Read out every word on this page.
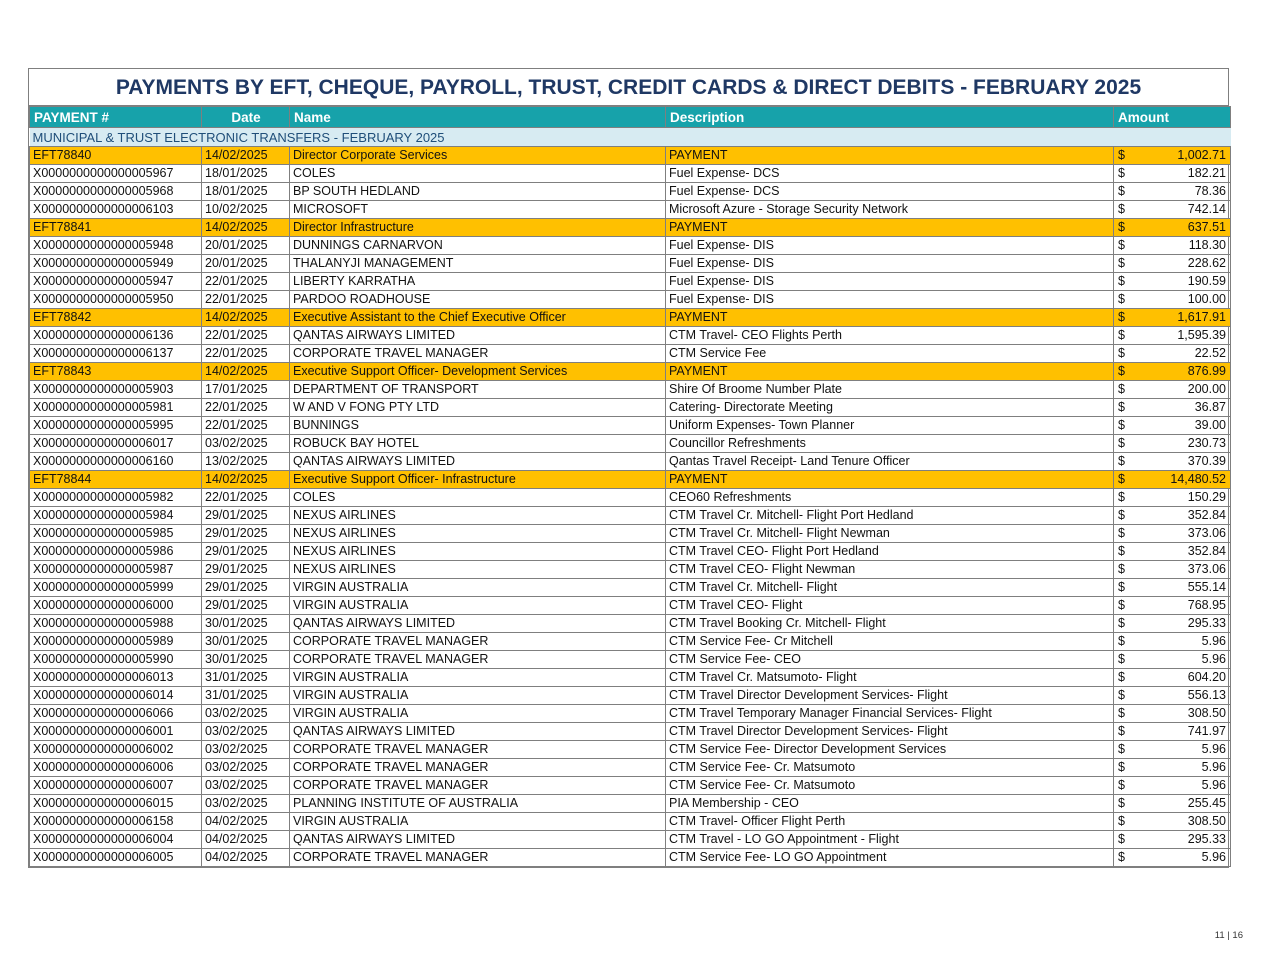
PAYMENTS BY EFT, CHEQUE, PAYROLL, TRUST, CREDIT CARDS & DIRECT DEBITS - FEBRUARY 2025
PAYMENT #	Date	Name	Description	Amount
MUNICIPAL & TRUST ELECTRONIC TRANSFERS - FEBRUARY 2025				
EFT78840	14/02/2025	Director Corporate Services	PAYMENT	$ 1,002.71
X0000000000000005967	18/01/2025	COLES	Fuel Expense- DCS	$ 182.21
X0000000000000005968	18/01/2025	BP SOUTH HEDLAND	Fuel Expense- DCS	$ 78.36
X0000000000000006103	10/02/2025	MICROSOFT	Microsoft Azure - Storage Security Network	$ 742.14
EFT78841	14/02/2025	Director Infrastructure	PAYMENT	$ 637.51
X0000000000000005948	20/01/2025	DUNNINGS CARNARVON	Fuel Expense- DIS	$ 118.30
X0000000000000005949	20/01/2025	THALANYJI MANAGEMENT	Fuel Expense- DIS	$ 228.62
X0000000000000005947	22/01/2025	LIBERTY KARRATHA	Fuel Expense- DIS	$ 190.59
X0000000000000005950	22/01/2025	PARDOO ROADHOUSE	Fuel Expense- DIS	$ 100.00
EFT78842	14/02/2025	Executive Assistant to the Chief Executive Officer	PAYMENT	$ 1,617.91
X0000000000000006136	22/01/2025	QANTAS AIRWAYS LIMITED	CTM Travel- CEO Flights Perth	$ 1,595.39
X0000000000000006137	22/01/2025	CORPORATE TRAVEL MANAGER	CTM Service Fee	$ 22.52
EFT78843	14/02/2025	Executive Support Officer- Development Services	PAYMENT	$ 876.99
X0000000000000005903	17/01/2025	DEPARTMENT OF TRANSPORT	Shire Of Broome Number Plate	$ 200.00
X0000000000000005981	22/01/2025	W AND V FONG PTY LTD	Catering- Directorate Meeting	$ 36.87
X0000000000000005995	22/01/2025	BUNNINGS	Uniform Expenses- Town Planner	$ 39.00
X0000000000000006017	03/02/2025	ROBUCK BAY HOTEL	Councillor Refreshments	$ 230.73
X0000000000000006160	13/02/2025	QANTAS AIRWAYS LIMITED	Qantas Travel Receipt- Land Tenure Officer	$ 370.39
EFT78844	14/02/2025	Executive Support Officer- Infrastructure	PAYMENT	$ 14,480.52
X0000000000000005982	22/01/2025	COLES	CEO60 Refreshments	$ 150.29
X0000000000000005984	29/01/2025	NEXUS AIRLINES	CTM Travel Cr. Mitchell- Flight Port Hedland	$ 352.84
X0000000000000005985	29/01/2025	NEXUS AIRLINES	CTM Travel Cr. Mitchell- Flight Newman	$ 373.06
X0000000000000005986	29/01/2025	NEXUS AIRLINES	CTM Travel CEO- Flight Port Hedland	$ 352.84
X0000000000000005987	29/01/2025	NEXUS AIRLINES	CTM Travel CEO- Flight Newman	$ 373.06
X0000000000000005999	29/01/2025	VIRGIN AUSTRALIA	CTM Travel Cr. Mitchell- Flight	$ 555.14
X0000000000000006000	29/01/2025	VIRGIN AUSTRALIA	CTM Travel CEO- Flight	$ 768.95
X0000000000000005988	30/01/2025	QANTAS AIRWAYS LIMITED	CTM Travel Booking Cr. Mitchell- Flight	$ 295.33
X0000000000000005989	30/01/2025	CORPORATE TRAVEL MANAGER	CTM Service Fee- Cr Mitchell	$ 5.96
X0000000000000005990	30/01/2025	CORPORATE TRAVEL MANAGER	CTM Service Fee- CEO	$ 5.96
X0000000000000006013	31/01/2025	VIRGIN AUSTRALIA	CTM Travel Cr. Matsumoto- Flight	$ 604.20
X0000000000000006014	31/01/2025	VIRGIN AUSTRALIA	CTM Travel Director Development Services- Flight	$ 556.13
X0000000000000006066	03/02/2025	VIRGIN AUSTRALIA	CTM Travel Temporary Manager Financial Services- Flight	$ 308.50
X0000000000000006001	03/02/2025	QANTAS AIRWAYS LIMITED	CTM Travel Director Development Services- Flight	$ 741.97
X0000000000000006002	03/02/2025	CORPORATE TRAVEL MANAGER	CTM Service Fee- Director Development Services	$ 5.96
X0000000000000006006	03/02/2025	CORPORATE TRAVEL MANAGER	CTM Service Fee- Cr. Matsumoto	$ 5.96
X0000000000000006007	03/02/2025	CORPORATE TRAVEL MANAGER	CTM Service Fee- Cr. Matsumoto	$ 5.96
X0000000000000006015	03/02/2025	PLANNING INSTITUTE OF AUSTRALIA	PIA Membership - CEO	$ 255.45
X0000000000000006158	04/02/2025	VIRGIN AUSTRALIA	CTM Travel- Officer Flight Perth	$ 308.50
X0000000000000006004	04/02/2025	QANTAS AIRWAYS LIMITED	CTM Travel - LO GO Appointment - Flight	$ 295.33
X0000000000000006005	04/02/2025	CORPORATE TRAVEL MANAGER	CTM Service Fee- LO GO Appointment	$ 5.96
11 | 16
